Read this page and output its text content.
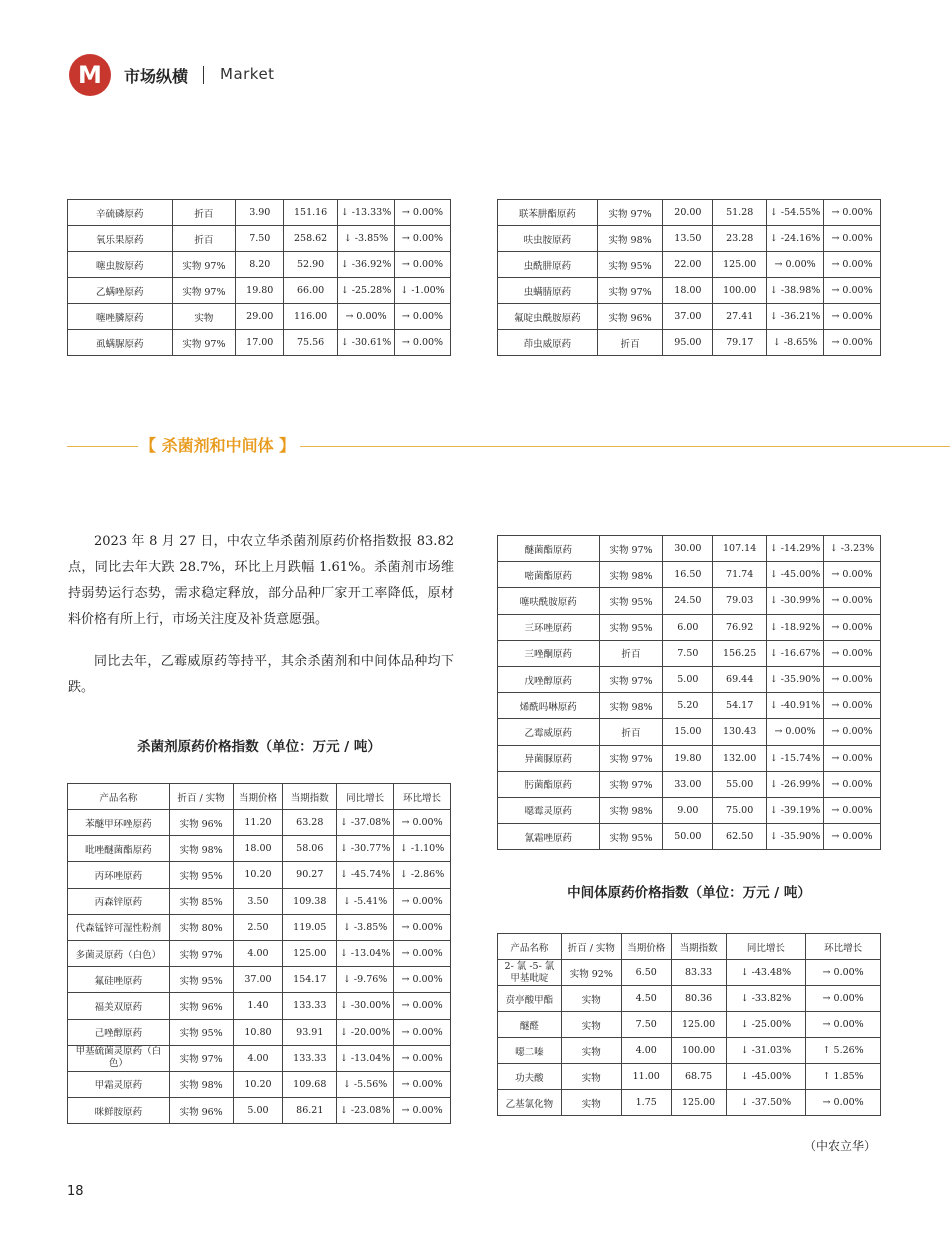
M	市场纵横 Market
辛硫磷原药	折百	3.90	151.16	↓ -13.33%	→ 0.00%
氧乐果原药	折百	7.50	258.62	↓ -3.85%	→ 0.00%
噻虫胺原药	实物 97%	8.20	52.90	↓ -36.92%	→ 0.00%
乙螨唑原药	实物 97%	19.80	66.00	↓ -25.28%	↓ -1.00%
噻唑膦原药	实物	29.00	116.00	→ 0.00%	→ 0.00%
虱螨脲原药	实物 97%	17.00	75.56	↓ -30.61%	→ 0.00%
联苯肼酯原药	实物 97%	20.00	51.28	↓ -54.55%	→ 0.00%
呋虫胺原药	实物 98%	13.50	23.28	↓ -24.16%	→ 0.00%
虫酰肼原药	实物 95%	22.00	125.00	→ 0.00%	→ 0.00%
虫螨腈原药	实物 97%	18.00	100.00	↓ -38.98%	→ 0.00%
氟啶虫酰胺原药	实物 96%	37.00	27.41	↓ -36.21%	→ 0.00%
茚虫威原药	折百	95.00	79.17	↓ -8.65%	→ 0.00%
【 杀菌剂和中间体 】

2023 年 8 月 27 日，中农立华杀菌剂原药价格指数报 83.82 点，同比去年大跌 28.7%，环比上月跌幅 1.61%。杀菌剂市场维持弱势运行态势，需求稳定释放，部分品种厂家开工率降低，原材料价格有所上行，市场关注度及补货意愿强。

同比去年，乙霉威原药等持平，其余杀菌剂和中间体品种均下跌。

杀菌剂原药价格指数（单位：万元 / 吨）
产品名称	折百 / 实物	当期价格	当期指数	同比增长	环比增长
苯醚甲环唑原药	实物 96%	11.20	63.28	↓ -37.08%	→ 0.00%
吡唑醚菌酯原药	实物 98%	18.00	58.06	↓ -30.77%	↓ -1.10%
丙环唑原药	实物 95%	10.20	90.27	↓ -45.74%	↓ -2.86%
丙森锌原药	实物 85%	3.50	109.38	↓ -5.41%	→ 0.00%
代森锰锌可湿性粉剂	实物 80%	2.50	119.05	↓ -3.85%	→ 0.00%
多菌灵原药（白色）	实物 97%	4.00	125.00	↓ -13.04%	→ 0.00%
氟硅唑原药	实物 95%	37.00	154.17	↓ -9.76%	→ 0.00%
福美双原药	实物 96%	1.40	133.33	↓ -30.00%	→ 0.00%
己唑醇原药	实物 95%	10.80	93.91	↓ -20.00%	→ 0.00%
甲基硫菌灵原药（白色）	实物 97%	4.00	133.33	↓ -13.04%	→ 0.00%
甲霜灵原药	实物 98%	10.20	109.68	↓ -5.56%	→ 0.00%
咪鲜胺原药	实物 96%	5.00	86.21	↓ -23.08%	→ 0.00%
醚菌酯原药	实物 97%	30.00	107.14	↓ -14.29%	↓ -3.23%
嘧菌酯原药	实物 98%	16.50	71.74	↓ -45.00%	→ 0.00%
噻呋酰胺原药	实物 95%	24.50	79.03	↓ -30.99%	→ 0.00%
三环唑原药	实物 95%	6.00	76.92	↓ -18.92%	→ 0.00%
三唑酮原药	折百	7.50	156.25	↓ -16.67%	→ 0.00%
戊唑醇原药	实物 97%	5.00	69.44	↓ -35.90%	→ 0.00%
烯酰吗啉原药	实物 98%	5.20	54.17	↓ -40.91%	→ 0.00%
乙霉威原药	折百	15.00	130.43	→ 0.00%	→ 0.00%
异菌脲原药	实物 97%	19.80	132.00	↓ -15.74%	→ 0.00%
肟菌酯原药	实物 97%	33.00	55.00	↓ -26.99%	→ 0.00%
噁霉灵原药	实物 98%	9.00	75.00	↓ -39.19%	→ 0.00%
氰霜唑原药	实物 95%	50.00	62.50	↓ -35.90%	→ 0.00%
中间体原药价格指数（单位：万元 / 吨）
产品名称	折百 / 实物	当期价格	当期指数	同比增长	环比增长
2- 氯 -5- 氯甲基吡啶	实物 92%	6.50	83.33	↓ -43.48%	→ 0.00%
贲亭酸甲酯	实物	4.50	80.36	↓ -33.82%	→ 0.00%
醚醛	实物	7.50	125.00	↓ -25.00%	→ 0.00%
噁二嗪	实物	4.00	100.00	↓ -31.03%	↑ 5.26%
功夫酸	实物	11.00	68.75	↓ -45.00%	↑ 1.85%
乙基氯化物	实物	1.75	125.00	↓ -37.50%	→ 0.00%
（中农立华）
18
